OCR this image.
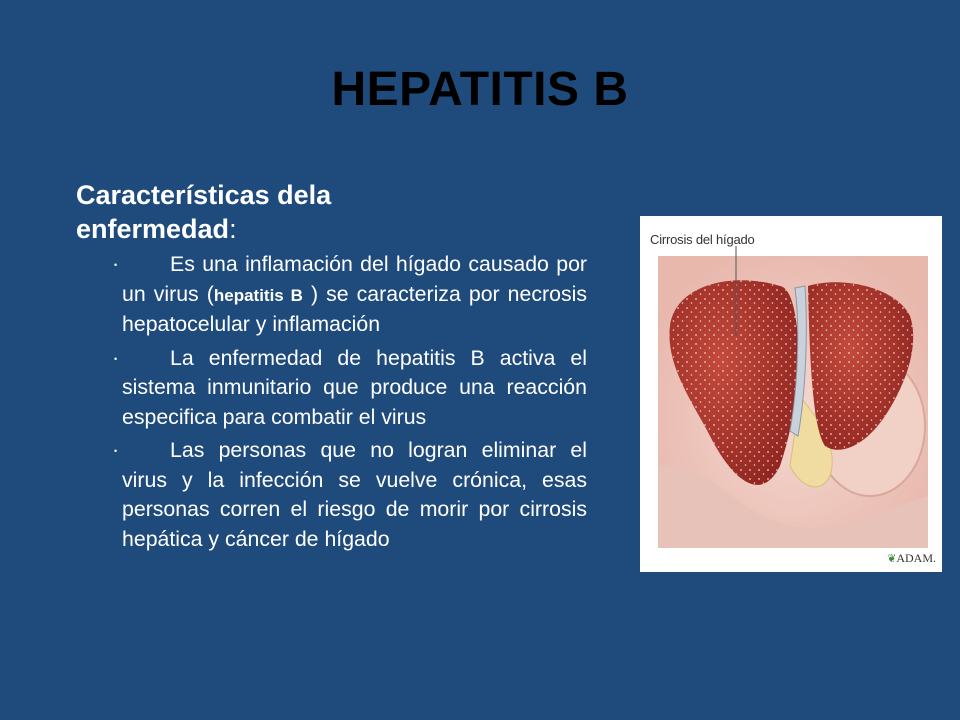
HEPATITIS B
Características dela
enfermedad:
• Es una inflamación del hígado causado por un virus (hepatitis B ) se caracteriza por necrosis hepatocelular y inflamación
• La enfermedad de hepatitis B activa el sistema inmunitario que produce una reacción especifica para combatir el virus
• Las personas que no logran eliminar el virus y la infección se vuelve crónica, esas personas corren el riesgo de morir por cirrosis hepática y cáncer de hígado
Cirrosis del hígado
❦ADAM.
